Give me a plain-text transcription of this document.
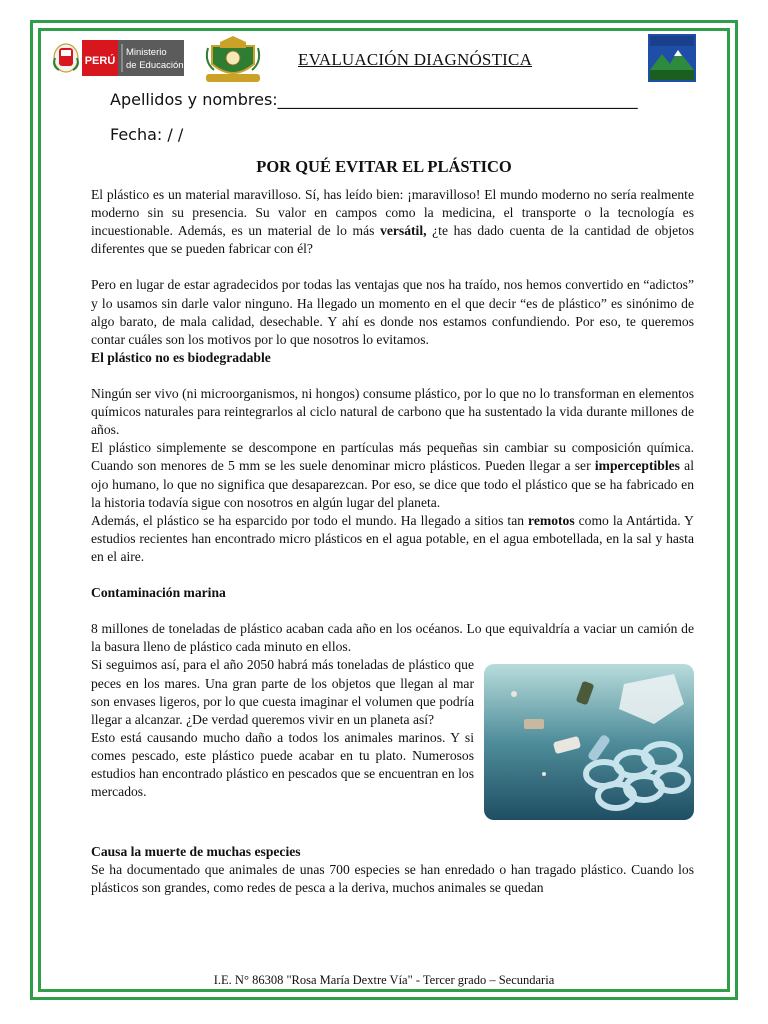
PERÚ
Ministerio
de Educación	EVALUACIÓN DIAGNÓSTICA
Apellidos y nombres:_____________________________________________
Fecha: / /
POR QUÉ EVITAR EL PLÁSTICO

El plástico es un material maravilloso. Sí, has leído bien: ¡maravilloso! El mundo moderno no sería realmente moderno sin su presencia. Su valor en campos como la medicina, el transporte o la tecnología es incuestionable. Además, es un material de lo más versátil, ¿te has dado cuenta de la cantidad de objetos diferentes que se pueden fabricar con él?

Pero en lugar de estar agradecidos por todas las ventajas que nos ha traído, nos hemos convertido en “adictos” y lo usamos sin darle valor ninguno. Ha llegado un momento en el que decir “es de plástico” es sinónimo de algo barato, de mala calidad, desechable. Y ahí es donde nos estamos confundiendo. Por eso, te queremos contar cuáles son los motivos por lo que nosotros lo evitamos.

El plástico no es biodegradable

Ningún ser vivo (ni microorganismos, ni hongos) consume plástico, por lo que no lo transforman en elementos químicos naturales para reintegrarlos al ciclo natural de carbono que ha sustentado la vida durante millones de años.

El plástico simplemente se descompone en partículas más pequeñas sin cambiar su composición química. Cuando son menores de 5 mm se les suele denominar micro plásticos. Pueden llegar a ser imperceptibles al ojo humano, lo que no significa que desaparezcan. Por eso, se dice que todo el plástico que se ha fabricado en la historia todavía sigue con nosotros en algún lugar del planeta.

Además, el plástico se ha esparcido por todo el mundo. Ha llegado a sitios tan remotos como la Antártida. Y estudios recientes han encontrado micro plásticos en el agua potable, en el agua embotellada, en la sal y hasta en el aire.

Contaminación marina

8 millones de toneladas de plástico acaban cada año en los océanos. Lo que equivaldría a vaciar un camión de la basura lleno de plástico cada minuto en ellos.

Si seguimos así, para el año 2050 habrá más toneladas de plástico que peces en los mares. Una gran parte de los objetos que llegan al mar son envases ligeros, por lo que cuesta imaginar el volumen que podría llegar a alcanzar. ¿De verdad queremos vivir en un planeta así?

Esto está causando mucho daño a todos los animales marinos. Y si comes pescado, este plástico puede acabar en tu plato. Numerosos estudios han encontrado plástico en pescados que se encuentran en los mercados.

Causa la muerte de muchas especies

Se ha documentado que animales de unas 700 especies se han enredado o han tragado plástico. Cuando los plásticos son grandes, como redes de pesca a la deriva, muchos animales se quedan

I.E. N° 86308 "Rosa María Dextre Vía" - Tercer grado – Secundaria
